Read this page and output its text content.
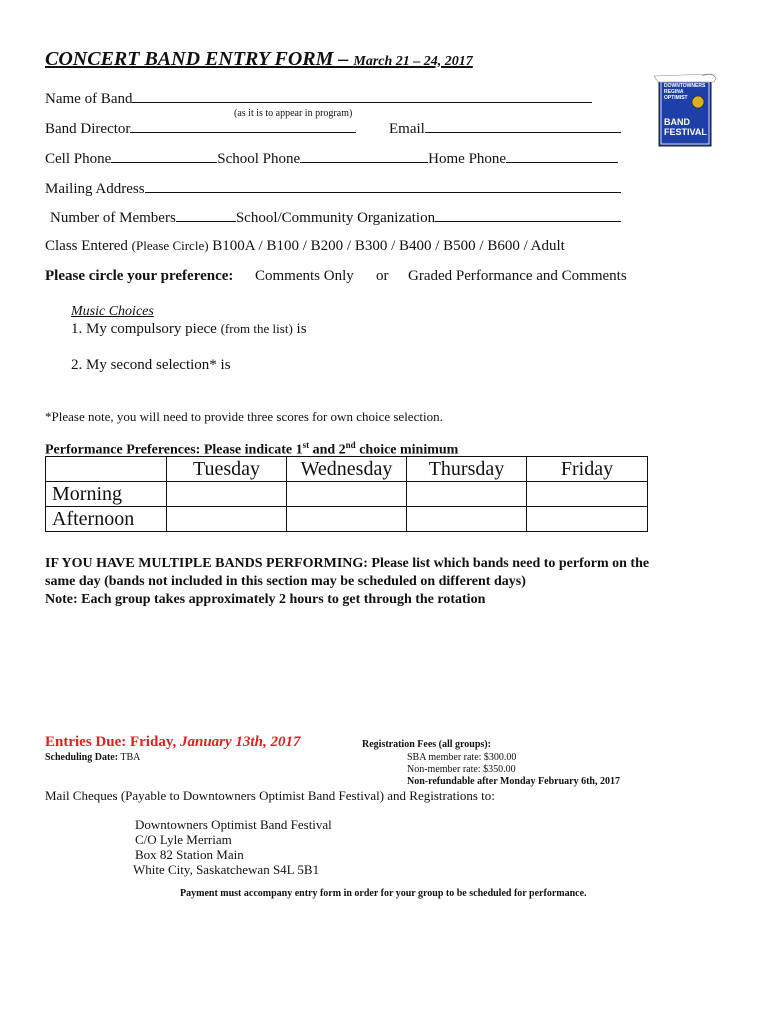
CONCERT BAND ENTRY FORM – March 21 – 24, 2017
DOWNTOWNERS
REGINA
OPTIMIST
BAND
FESTIVAL
Name of Band
(as it is to appear in program)
Band Director	Email
Cell Phone	School Phone	Home Phone
Mailing Address
Number of Members	School/Community Organization
Class Entered (Please Circle) B100A / B100 / B200 / B300 / B400 / B500 / B600 / Adult
Please circle your preference: Comments Only or Graded Performance and Comments
Music Choices
1. My compulsory piece (from the list) is
2. My second selection* is
*Please note, you will need to provide three scores for own choice selection.
Performance Preferences: Please indicate 1st and 2nd choice minimum
	Tuesday	Wednesday	Thursday	Friday
Morning				
Afternoon				
IF YOU HAVE MULTIPLE BANDS PERFORMING: Please list which bands need to perform on the
same day (bands not included in this section may be scheduled on different days)
Note: Each group takes approximately 2 hours to get through the rotation
Entries Due: Friday, January 13th, 2017
Scheduling Date: TBA
Registration Fees (all groups):
SBA member rate: $300.00
Non-member rate: $350.00
Non-refundable after Monday February 6th, 2017
Mail Cheques (Payable to Downtowners Optimist Band Festival) and Registrations to:
Downtowners Optimist Band Festival
C/O Lyle Merriam
Box 82 Station Main
White City, Saskatchewan S4L 5B1
Payment must accompany entry form in order for your group to be scheduled for performance.
